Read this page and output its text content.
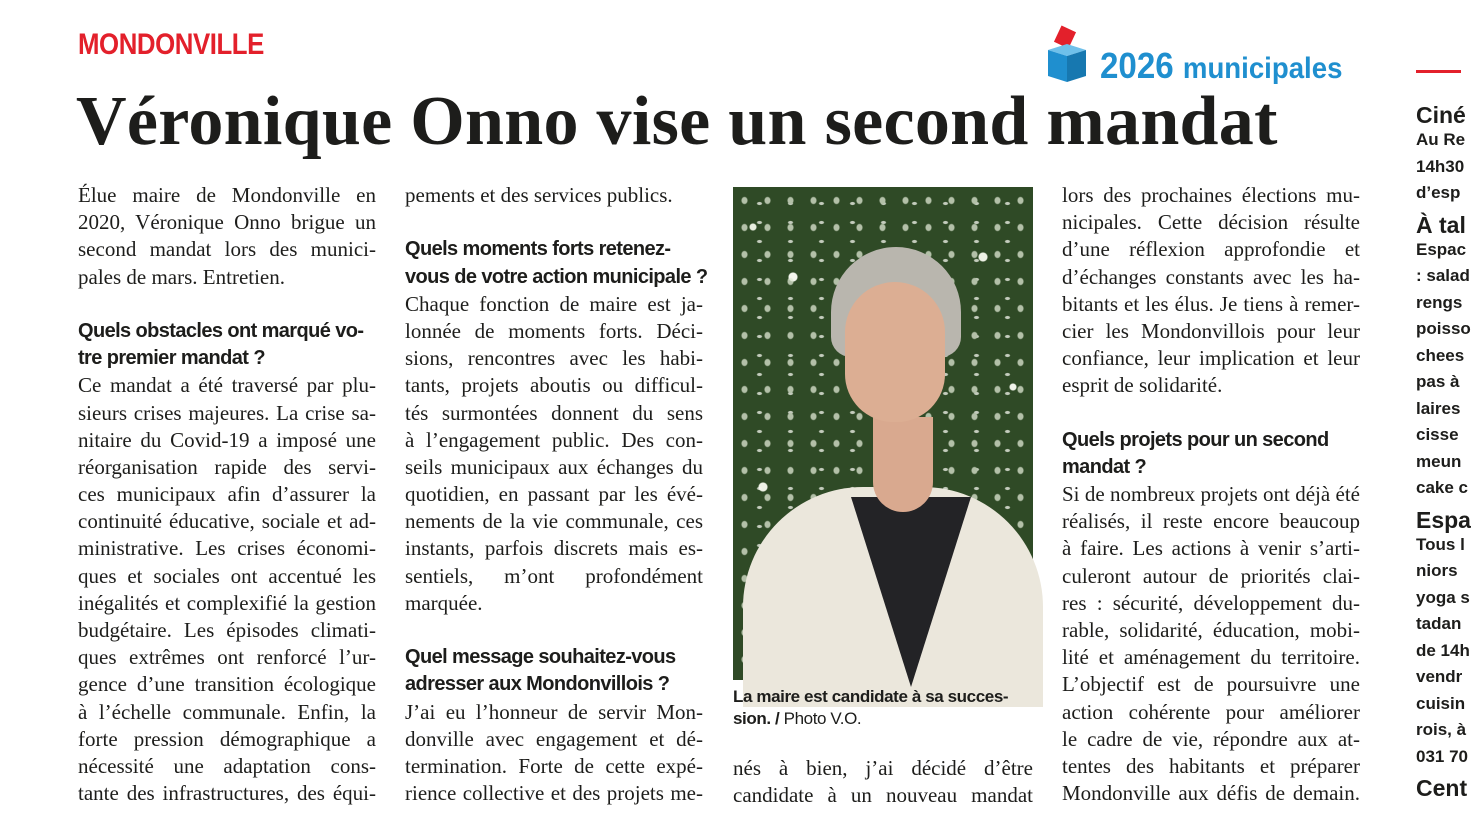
MONDONVILLE
2026 municipales
Véronique Onno vise un second mandat
Élue maire de Mondonville en
2020, Véronique Onno brigue un
second mandat lors des munici-
pales de mars. Entretien.
Quels obstacles ont marqué vo-
tre premier mandat ?
Ce mandat a été traversé par plu-
sieurs crises majeures. La crise sa-
nitaire du Covid-19 a imposé une
réorganisation rapide des servi-
ces municipaux afin d’assurer la
continuité éducative, sociale et ad-
ministrative. Les crises économi-
ques et sociales ont accentué les
inégalités et complexifié la gestion
budgétaire. Les épisodes climati-
ques extrêmes ont renforcé l’ur-
gence d’une transition écologique
à l’échelle communale. Enfin, la
forte pression démographique a
nécessité une adaptation cons-
tante des infrastructures, des équi-
pements et des services publics.
Quels moments forts retenez-
vous de votre action municipale ?
Chaque fonction de maire est ja-
lonnée de moments forts. Déci-
sions, rencontres avec les habi-
tants, projets aboutis ou difficul-
tés surmontées donnent du sens
à l’engagement public. Des con-
seils municipaux aux échanges du
quotidien, en passant par les évé-
nements de la vie communale, ces
instants, parfois discrets mais es-
sentiels, m’ont profondément
marquée.
Quel message souhaitez-vous
adresser aux Mondonvillois ?
J’ai eu l’honneur de servir Mon-
donville avec engagement et dé-
termination. Forte de cette expé-
rience collective et des projets me-
lors des prochaines élections mu-
nicipales. Cette décision résulte
d’une réflexion approfondie et
d’échanges constants avec les ha-
bitants et les élus. Je tiens à remer-
cier les Mondonvillois pour leur
confiance, leur implication et leur
esprit de solidarité.
Quels projets pour un second
mandat ?
Si de nombreux projets ont déjà été
réalisés, il reste encore beaucoup
à faire. Les actions à venir s’arti-
culeront autour de priorités clai-
res : sécurité, développement du-
rable, solidarité, éducation, mobi-
lité et aménagement du territoire.
L’objectif est de poursuivre une
action cohérente pour améliorer
le cadre de vie, répondre aux at-
tentes des habitants et préparer
Mondonville aux défis de demain.
La maire est candidate à sa succes- sion. / Photo V.O.
nés à bien, j’ai décidé d’être
candidate à un nouveau mandat
Ciné
Au Re
14h30
d’esp
À tal
Espac
: salad
rengs
poisso
chees
pas à
laires
cisse
meun
cake c
Espa
Tous l
niors
yoga s
tadan
de 14h
vendr
cuisin
rois, à
031 70
Cent
